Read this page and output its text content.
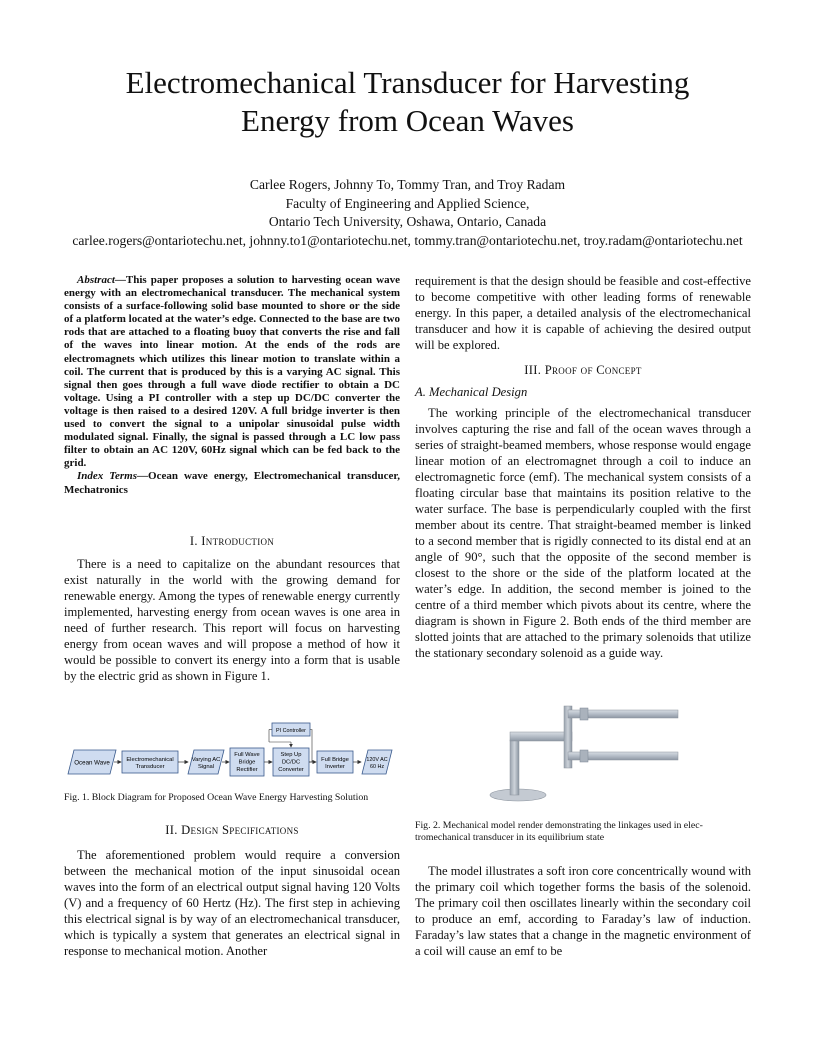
Electromechanical Transducer for Harvesting
Energy from Ocean Waves
Carlee Rogers, Johnny To, Tommy Tran, and Troy Radam
Faculty of Engineering and Applied Science,
Ontario Tech University, Oshawa, Ontario, Canada
carlee.rogers@ontariotechu.net, johnny.to1@ontariotechu.net, tommy.tran@ontariotechu.net, troy.radam@ontariotechu.net

Abstract—This paper proposes a solution to harvesting ocean wave energy with an electromechanical transducer. The mechanical system consists of a surface-following solid base mounted to shore or the side of a platform located at the water’s edge. Connected to the base are two rods that are attached to a floating buoy that converts the rise and fall of the waves into linear motion. At the ends of the rods are electromagnets which utilizes this linear motion to translate within a coil. The current that is produced by this is a varying AC signal. This signal then goes through a full wave diode rectifier to obtain a DC voltage. Using a PI controller with a step up DC/DC converter the voltage is then raised to a desired 120V. A full bridge inverter is then used to convert the signal to a unipolar sinusoidal pulse width modulated signal. Finally, the signal is passed through a LC low pass filter to obtain an AC 120V, 60Hz signal which can be fed back to the grid.

Index Terms—Ocean wave energy, Electromechanical transducer, Mechatronics

I. Introduction

There is a need to capitalize on the abundant resources that exist naturally in the world with the growing demand for renewable energy. Among the types of renewable energy currently implemented, harvesting energy from ocean waves is one area in need of further research. This report will focus on harvesting energy from ocean waves and will propose a method of how it would be possible to convert its energy into a form that is usable by the electric grid as shown in Figure 1.

Ocean Wave	Electromechanical
Transducer
Varying AC
Signal
Full Wave
Bridge
Rectifier
Step Up
DC/DC
Converter
Full Bridge
Inverter
120V AC
60 Hz
PI Controller
Fig. 1. Block Diagram for Proposed Ocean Wave Energy Harvesting Solution
II. Design Specifications

The aforementioned problem would require a conversion between the mechanical motion of the input sinusoidal ocean waves into the form of an electrical output signal having 120 Volts (V) and a frequency of 60 Hertz (Hz). The first step in achieving this electrical signal is by way of an electromechanical transducer, which is typically a system that generates an electrical signal in response to mechanical motion. Another

requirement is that the design should be feasible and cost-effective to become competitive with other leading forms of renewable energy. In this paper, a detailed analysis of the electromechanical transducer and how it is capable of achieving the desired output will be explored.

III. Proof of Concept
A. Mechanical Design

The working principle of the electromechanical transducer involves capturing the rise and fall of the ocean waves through a series of straight-beamed members, whose response would engage linear motion of an electromagnet through a coil to induce an electromagnetic force (emf). The mechanical system consists of a floating circular base that maintains its position relative to the water surface. The base is perpendicularly coupled with the first member about its centre. That straight-beamed member is linked to a second member that is rigidly connected to its distal end at an angle of 90°, such that the opposite of the second member is closest to the shore or the side of the platform located at the water’s edge. In addition, the second member is joined to the centre of a third member which pivots about its centre, where the diagram is shown in Figure 2. Both ends of the third member are slotted joints that are attached to the primary solenoids that utilize the stationary secondary solenoid as a guide way.

Fig. 2. Mechanical model render demonstrating the linkages used in elec-
tromechanical transducer in its equilibrium state

The model illustrates a soft iron core concentrically wound with the primary coil which together forms the basis of the solenoid. The primary coil then oscillates linearly within the secondary coil to produce an emf, according to Faraday’s law of induction. Faraday’s law states that a change in the magnetic environment of a coil will cause an emf to be
